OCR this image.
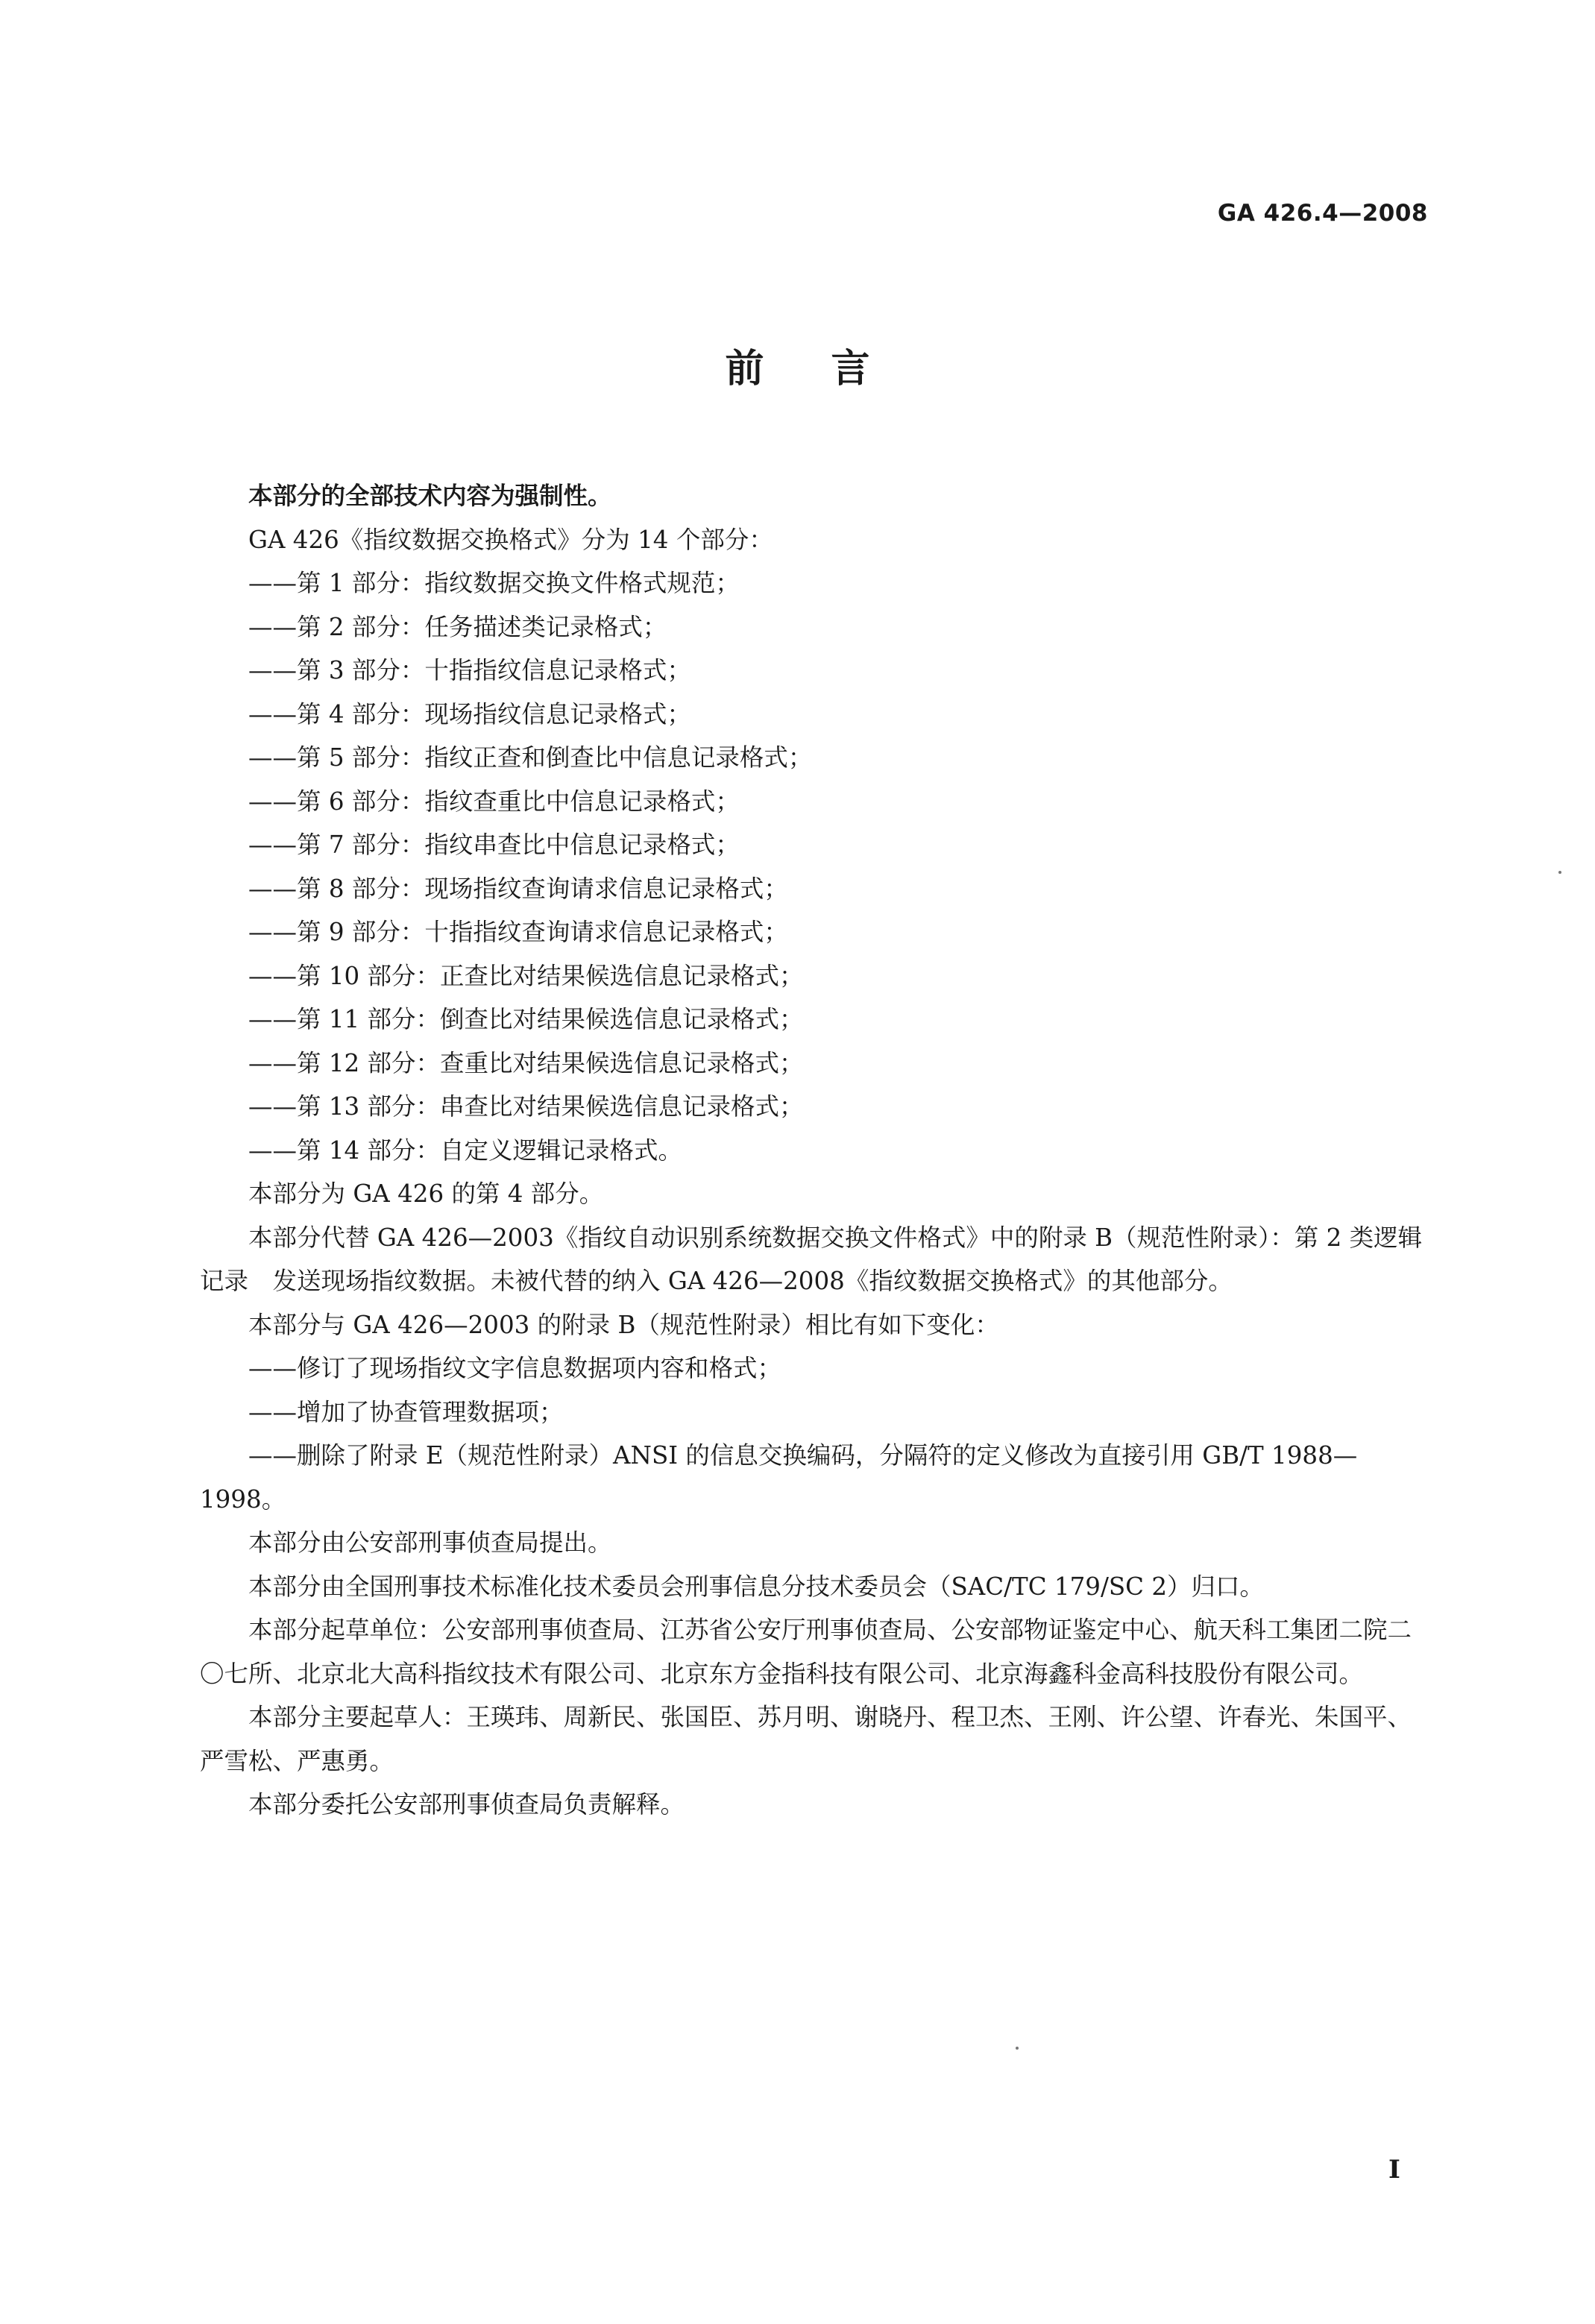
GA 426.4—2008
前言

本部分的全部技术内容为强制性。

GA 426《指纹数据交换格式》分为 14 个部分：

——第 1 部分：指纹数据交换文件格式规范；

——第 2 部分：任务描述类记录格式；

——第 3 部分：十指指纹信息记录格式；

——第 4 部分：现场指纹信息记录格式；

——第 5 部分：指纹正查和倒查比中信息记录格式；

——第 6 部分：指纹查重比中信息记录格式；

——第 7 部分：指纹串查比中信息记录格式；

——第 8 部分：现场指纹查询请求信息记录格式；

——第 9 部分：十指指纹查询请求信息记录格式；

——第 10 部分：正查比对结果候选信息记录格式；

——第 11 部分：倒查比对结果候选信息记录格式；

——第 12 部分：查重比对结果候选信息记录格式；

——第 13 部分：串查比对结果候选信息记录格式；

——第 14 部分：自定义逻辑记录格式。

本部分为 GA 426 的第 4 部分。

本部分代替 GA 426—2003《指纹自动识别系统数据交换文件格式》中的附录 B（规范性附录）：第 2 类逻辑记录　发送现场指纹数据。未被代替的纳入 GA 426—2008《指纹数据交换格式》的其他部分。

本部分与 GA 426—2003 的附录 B（规范性附录）相比有如下变化：

——修订了现场指纹文字信息数据项内容和格式；

——增加了协查管理数据项；

——删除了附录 E（规范性附录）ANSI 的信息交换编码，分隔符的定义修改为直接引用 GB/T 1988—1998。

本部分由公安部刑事侦查局提出。

本部分由全国刑事技术标准化技术委员会刑事信息分技术委员会（SAC/TC 179/SC 2）归口。

本部分起草单位：公安部刑事侦查局、江苏省公安厅刑事侦查局、公安部物证鉴定中心、航天科工集团二院二〇七所、北京北大高科指纹技术有限公司、北京东方金指科技有限公司、北京海鑫科金高科技股份有限公司。

本部分主要起草人：王瑛玮、周新民、张国臣、苏月明、谢晓丹、程卫杰、王刚、许公望、许春光、朱国平、严雪松、严惠勇。

本部分委托公安部刑事侦查局负责解释。

I
